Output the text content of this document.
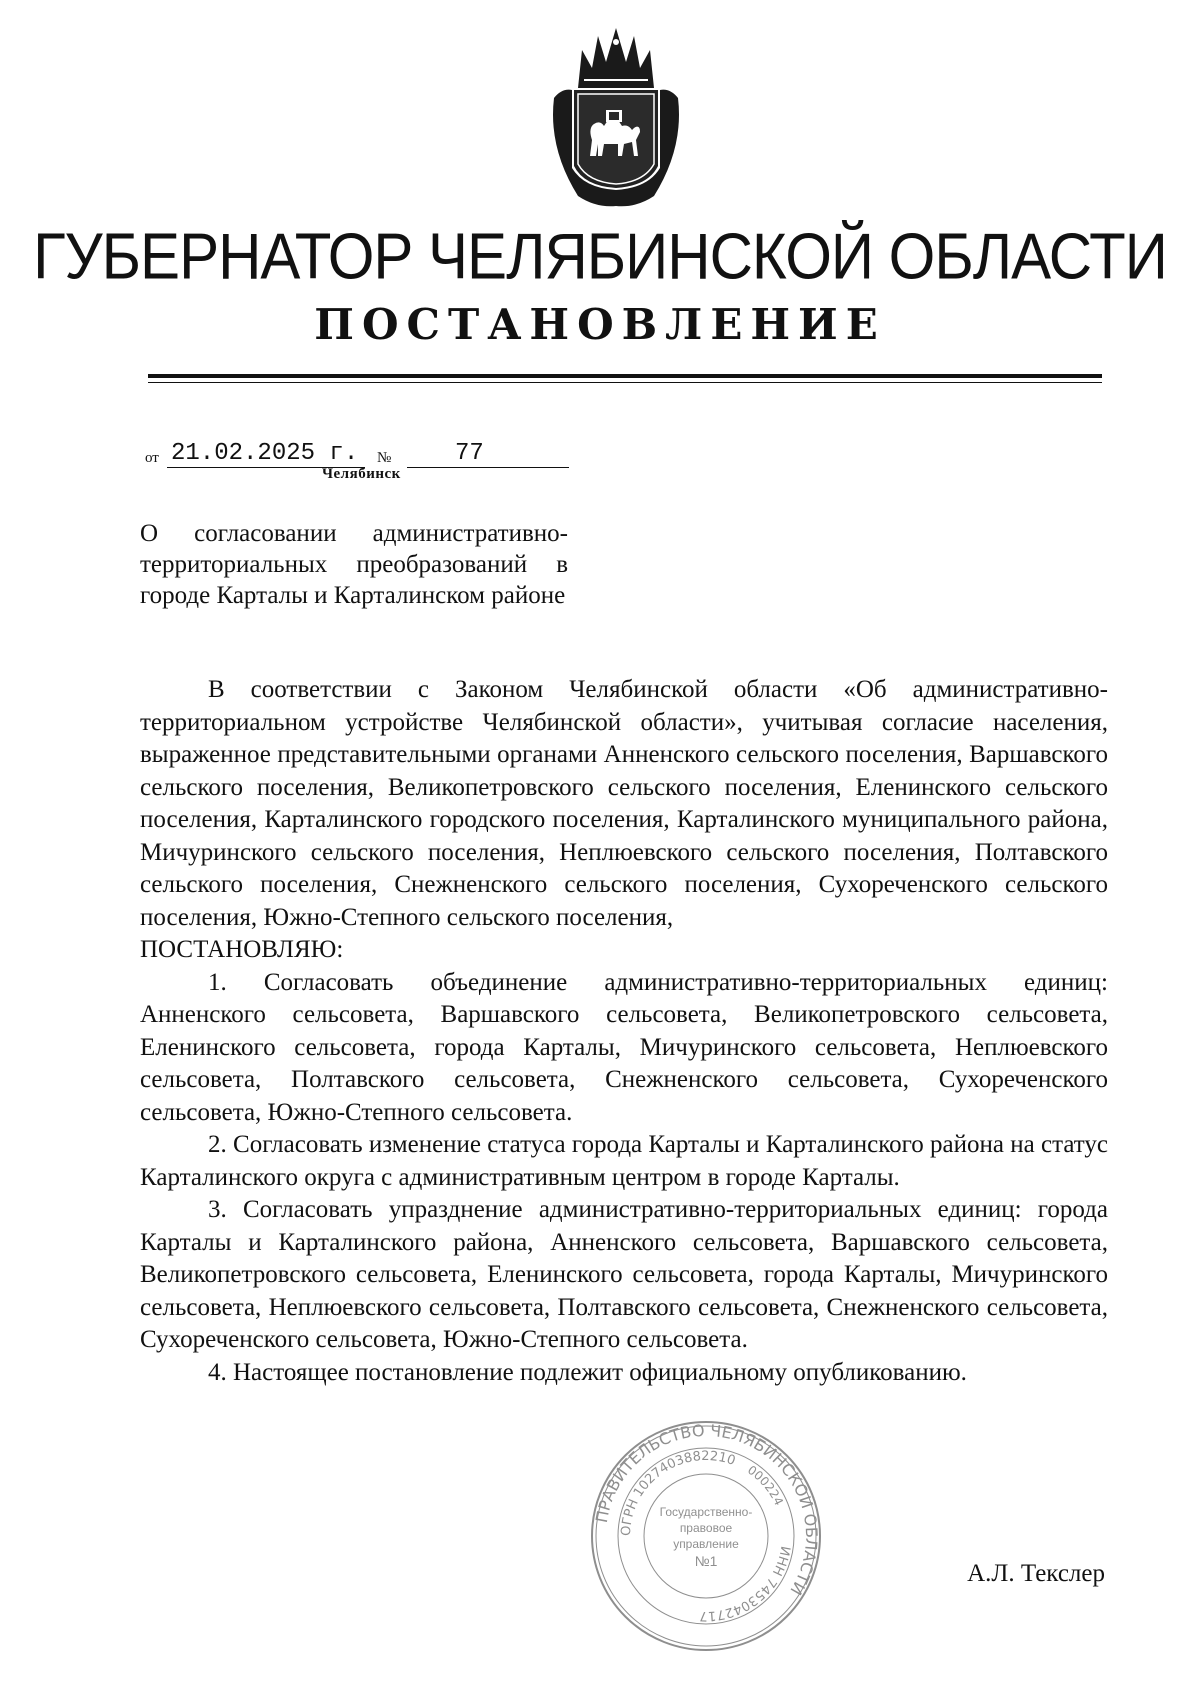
ГУБЕРНАТОР ЧЕЛЯБИНСКОЙ ОБЛАСТИ
ПОСТАНОВЛЕНИЕ
от 21.02.2025 г.	№	77
Челябинск
О согласовании административно-территориальных преобразований в городе Карталы и Карталинском районе

В соответствии с Законом Челябинской области «Об административно-территориальном устройстве Челябинской области», учитывая согласие населения, выраженное представительными органами Анненского сельского поселения, Варшавского сельского поселения, Великопетровского сельского поселения, Еленинского сельского поселения, Карталинского городского поселения, Карталинского муниципального района, Мичуринского сельского поселения, Неплюевского сельского поселения, Полтавского сельского поселения, Снежненского сельского поселения, Сухореченского сельского поселения, Южно-Степного сельского поселения,

ПОСТАНОВЛЯЮ:

1. Согласовать объединение административно-территориальных единиц: Анненского сельсовета, Варшавского сельсовета, Великопетровского сельсовета, Еленинского сельсовета, города Карталы, Мичуринского сельсовета, Неплюевского сельсовета, Полтавского сельсовета, Снежненского сельсовета, Сухореченского сельсовета, Южно-Степного сельсовета.

2. Согласовать изменение статуса города Карталы и Карталинского района на статус Карталинского округа с административным центром в городе Карталы.

3. Согласовать упразднение административно-территориальных единиц: города Карталы и Карталинского района, Анненского сельсовета, Варшавского сельсовета, Великопетровского сельсовета, Еленинского сельсовета, города Карталы, Мичуринского сельсовета, Неплюевского сельсовета, Полтавского сельсовета, Снежненского сельсовета, Сухореченского сельсовета, Южно-Степного сельсовета.

4. Настоящее постановление подлежит официальному опубликованию.

А.Л. Текслер
ПРАВИТЕЛЬСТВО ЧЕЛЯБИНСКОЙ ОБЛАСТИ
ОГРН 1027403882210
ИНН 7453042717
000224
Государственно-
правовое
управление
№1
